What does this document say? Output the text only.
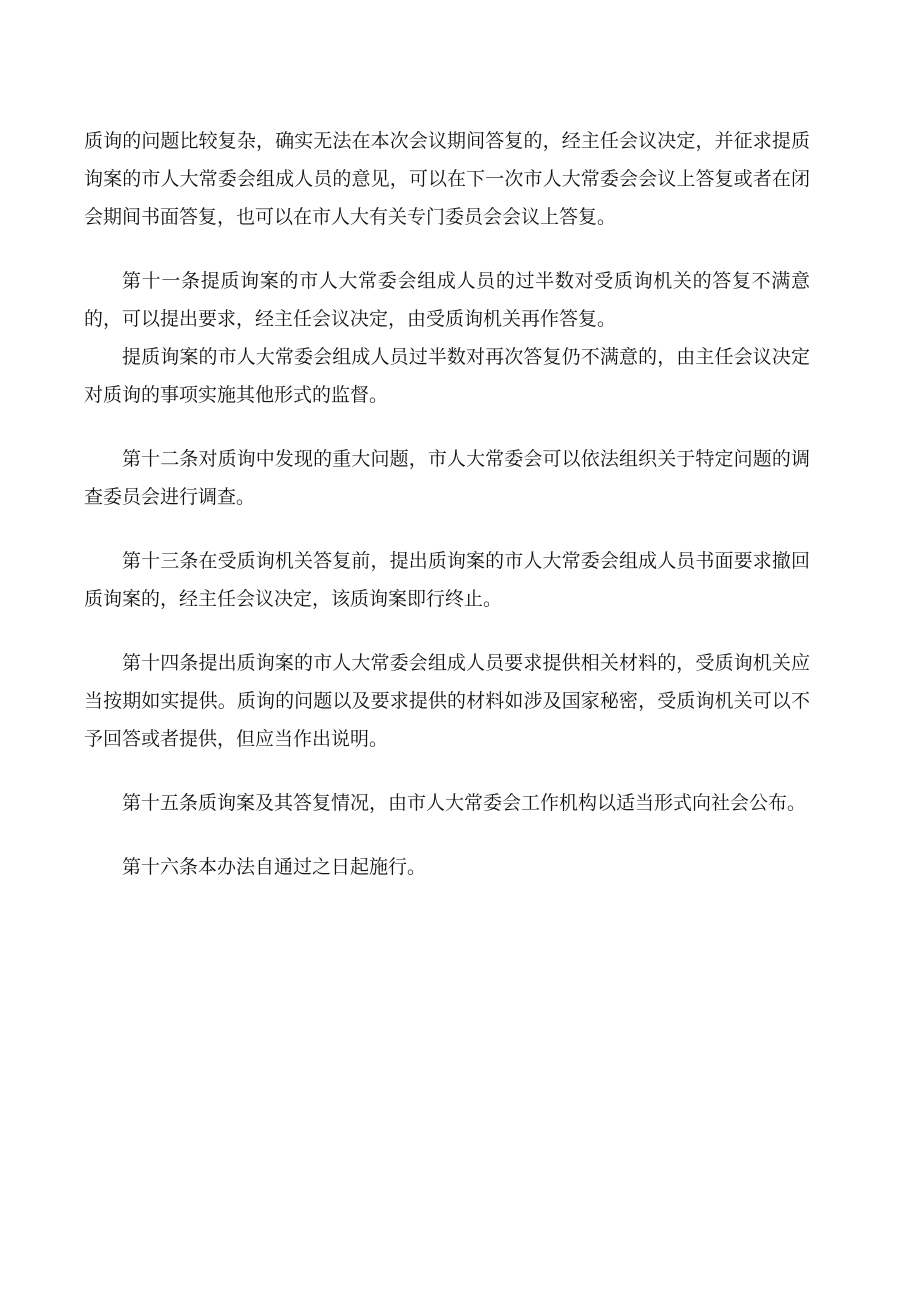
质询的问题比较复杂，确实无法在本次会议期间答复的，经主任会议决定，并征求提质询案的市人大常委会组成人员的意见，可以在下一次市人大常委会会议上答复或者在闭会期间书面答复，也可以在市人大有关专门委员会会议上答复。

第十一条提质询案的市人大常委会组成人员的过半数对受质询机关的答复不满意的，可以提出要求，经主任会议决定，由受质询机关再作答复。

提质询案的市人大常委会组成人员过半数对再次答复仍不满意的，由主任会议决定对质询的事项实施其他形式的监督。

第十二条对质询中发现的重大问题，市人大常委会可以依法组织关于特定问题的调查委员会进行调查。

第十三条在受质询机关答复前，提出质询案的市人大常委会组成人员书面要求撤回质询案的，经主任会议决定，该质询案即行终止。

第十四条提出质询案的市人大常委会组成人员要求提供相关材料的，受质询机关应当按期如实提供。质询的问题以及要求提供的材料如涉及国家秘密，受质询机关可以不予回答或者提供，但应当作出说明。

第十五条质询案及其答复情况，由市人大常委会工作机构以适当形式向社会公布。

第十六条本办法自通过之日起施行。
